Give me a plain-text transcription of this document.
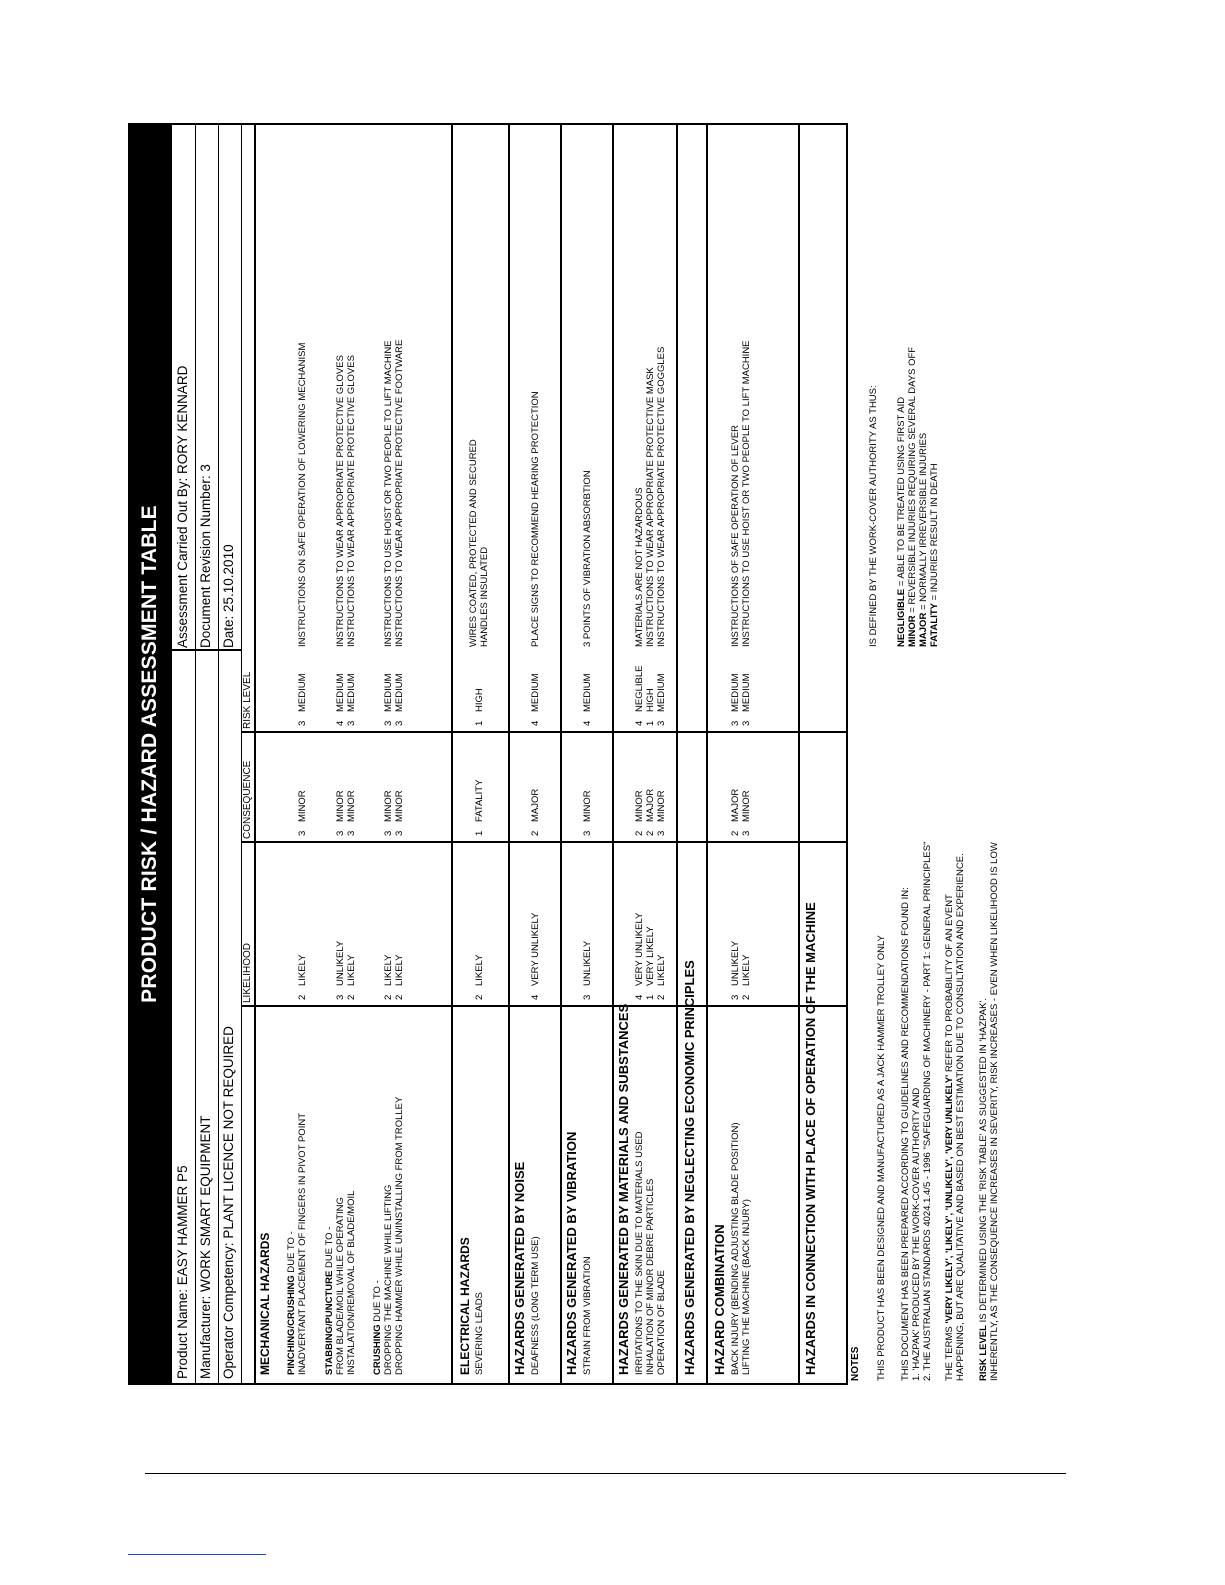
PRODUCT RISK / HAZARD ASSESSMENT TABLE
Product Name: EASY HAMMER P5
Assessment Carried Out By: RORY KENNARD
Manufacturer: WORK SMART EQUIPMENT
Document Revision Number: 3
Operator Competency: PLANT LICENCE NOT REQUIRED
Date: 25.10.2010
LIKELIHOOD
CONSEQUENCE
RISK LEVEL
MECHANICAL HAZARDS PINCHING/CRUSHING DUE TO - INADVERTANT PLACEMENT OF FINGERS IN PIVOT POINT
2LIKELY
3MINOR
3MEDIUM
INSTRUCTIONS ON SAFE OPERATION OF LOWERING MECHANISM
STABBING/PUNCTURE DUE TO - FROM BLADE/MOIL WHILE OPERATING INSTALATION/REMOVAL OF BLADE/MOIL
3UNLIKELY
2LIKELY
3MINOR
3MINOR
4MEDIUM
3MEDIUM
INSTRUCTIONS TO WEAR APPROPRIATE PROTECTIVE GLOVES INSTRUCTIONS TO WEAR APPROPRIATE PROTECTIVE GLOVES
CRUSHING DUE TO - DROPPING THE MACHINE WHILE LIFTING DROPPING HAMMER WHILE UN/INSTALLING FROM TROLLEY
2LIKELY
2LIKELY
3MINOR
3MINOR
3MEDIUM
3MEDIUM
INSTRUCTIONS TO USE HOIST OR TWO PEOPLE TO LIFT MACHINE INSTRUCTIONS TO WEAR APPROPRIATE PROTECTIVE FOOTWARE
ELECTRICAL HAZARDS SEVERING LEADS
2LIKELY
1FATALITY
1HIGH
WIRES COATED, PROTECTED AND SECURED HANDLES INSULATED
HAZARDS GENERATED BY NOISE DEAFNESS (LONG TERM USE)
4VERY UNLIKELY
2MAJOR
4MEDIUM
PLACE SIGNS TO RECOMMEND HEARING PROTECTION
HAZARDS GENERATED BY VIBRATION STRAIN FROM VIBRATION
3UNLIKELY
3MINOR
4MEDIUM
3 POINTS OF VIBRATION ABSORBTION
HAZARDS GENERATED BY MATERIALS AND SUBSTANCES IRRITATIONS TO THE SKIN DUE TO MATERIALS USED INHALATION OF MINOR DEBRE PARTICLES OPERATION OF BLADE
4VERY UNLIKELY
1VERY LIKELY
2LIKELY
2MINOR
2MAJOR
3MINOR
4NEGLIBLE
1HIGH
3MEDIUM
MATERIALS ARE NOT HAZARDOUS INSTRUCTIONS TO WEAR APPROPRIATE PROTECTIVE MASK INSTRUCTIONS TO WEAR APPROPRIATE PROTECTIVE GOGGLES
HAZARDS GENERATED BY NEGLECTING ECONOMIC PRINCIPLES HAZARD COMBINATION BACK INJURY (BENDING ADJUSTING BLADE POSITION) LIFTING THE MACHINE (BACK INJURY)
3UNLIKELY
2LIKELY
2MAJOR
3MINOR
3MEDIUM
3MEDIUM
INSTRUCTIONS OF SAFE OPERATION OF LEVER INSTRUCTIONS TO USE HOIST OR TWO PEOPLE TO LIFT MACHINE
HAZARDS IN CONNECTION WITH PLACE OF OPERATION OF THE MACHINE	NOTES THIS PRODUCT HAS BEEN DESIGNED AND MANUFACTURED AS A JACK HAMMER TROLLEY ONLY THIS DOCUMENT HAS BEEN PREPARED ACCORDING TO GUIDELINES AND RECOMMENDATIONS FOUND IN: 1. 'HAZPAK' PRODUCED BY THE WORK-COVER AUTHORITY AND 2. THE AUSTRALIAN STANDARDS 4024.1.4/5 - 1996 "SAFEGUARDING OF MACHINERY - PART 1: GENERAL PRINCIPLES" THE TERMS 'VERY LIKELY', 'LIKELY', 'UNLIKELY', 'VERY UNLIKELY' REFER TO PROBABILITY OF AN EVENT HAPPENING, BUT ARE QUALITATIVE AND BASED ON BEST ESTIMATION DUE TO CONSULTATION AND EXPERIENCE. RISK LEVEL IS DETERMINED USING THE 'RISK TABLE' AS SUGGESTED IN 'HAZPAK'. INHERENTLY, AS THE CONSEQUENCE INCREASES IN SEVERITY, RISK INCREASES - EVEN WHEN LIKELIHOOD IS LOW
IS DEFINED BY THE WORK-COVER AUTHORITY AS THUS: NEGLIGIBLE = ABLE TO BE TREATED USING FIRST AID
MINOR = REVERSIBLE INJURIES REQUIRING SEVERAL DAYS OFF
MAJOR = NORMALLY IRREVERSIBLE INJURIES
FATALITY = INJURIES RESULT IN DEATH
